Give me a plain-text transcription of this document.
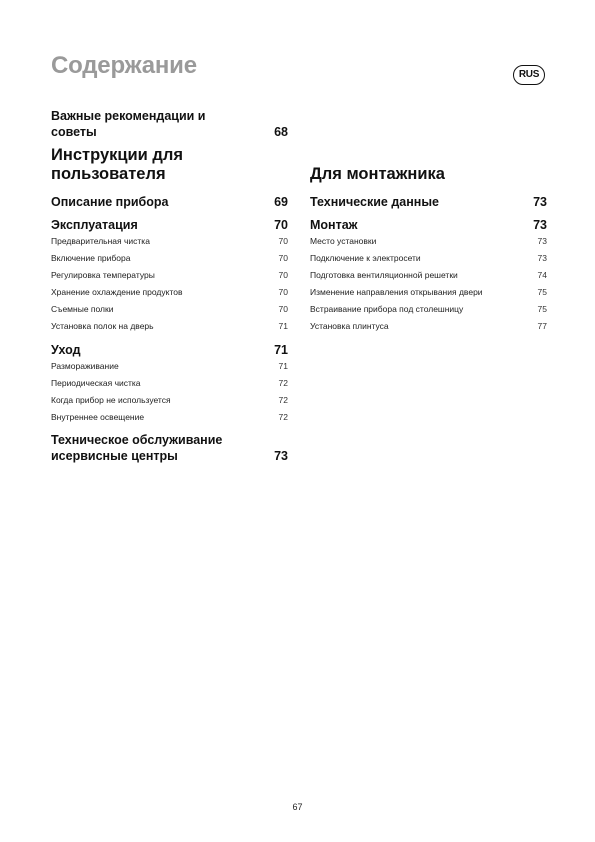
Содержание	RUS
Важные рекомендации и
советы	68
Инструкции для
пользователя
Описание прибора	69
Эксплуатация	70
Предварительная чистка	70
Включение прибора	70
Регулировка температуры	70
Хранение охлаждение продуктов	70
Съемные полки	70
Установка полок на дверь	71
Уход	71
Размораживание	71
Периодическая чистка	72
Когда прибор не используется	72
Внутреннее освещение	72
Техническое обслуживание
исервисные центры	73
Для монтажника
Технические данные	73
Монтаж	73
Место установки	73
Подключение к электросети	73
Подготовка вентиляционной решетки	74
Изменение направления открывания двери	75
Встраивание прибора под столешницу	75
Установка плинтуса	77
67
